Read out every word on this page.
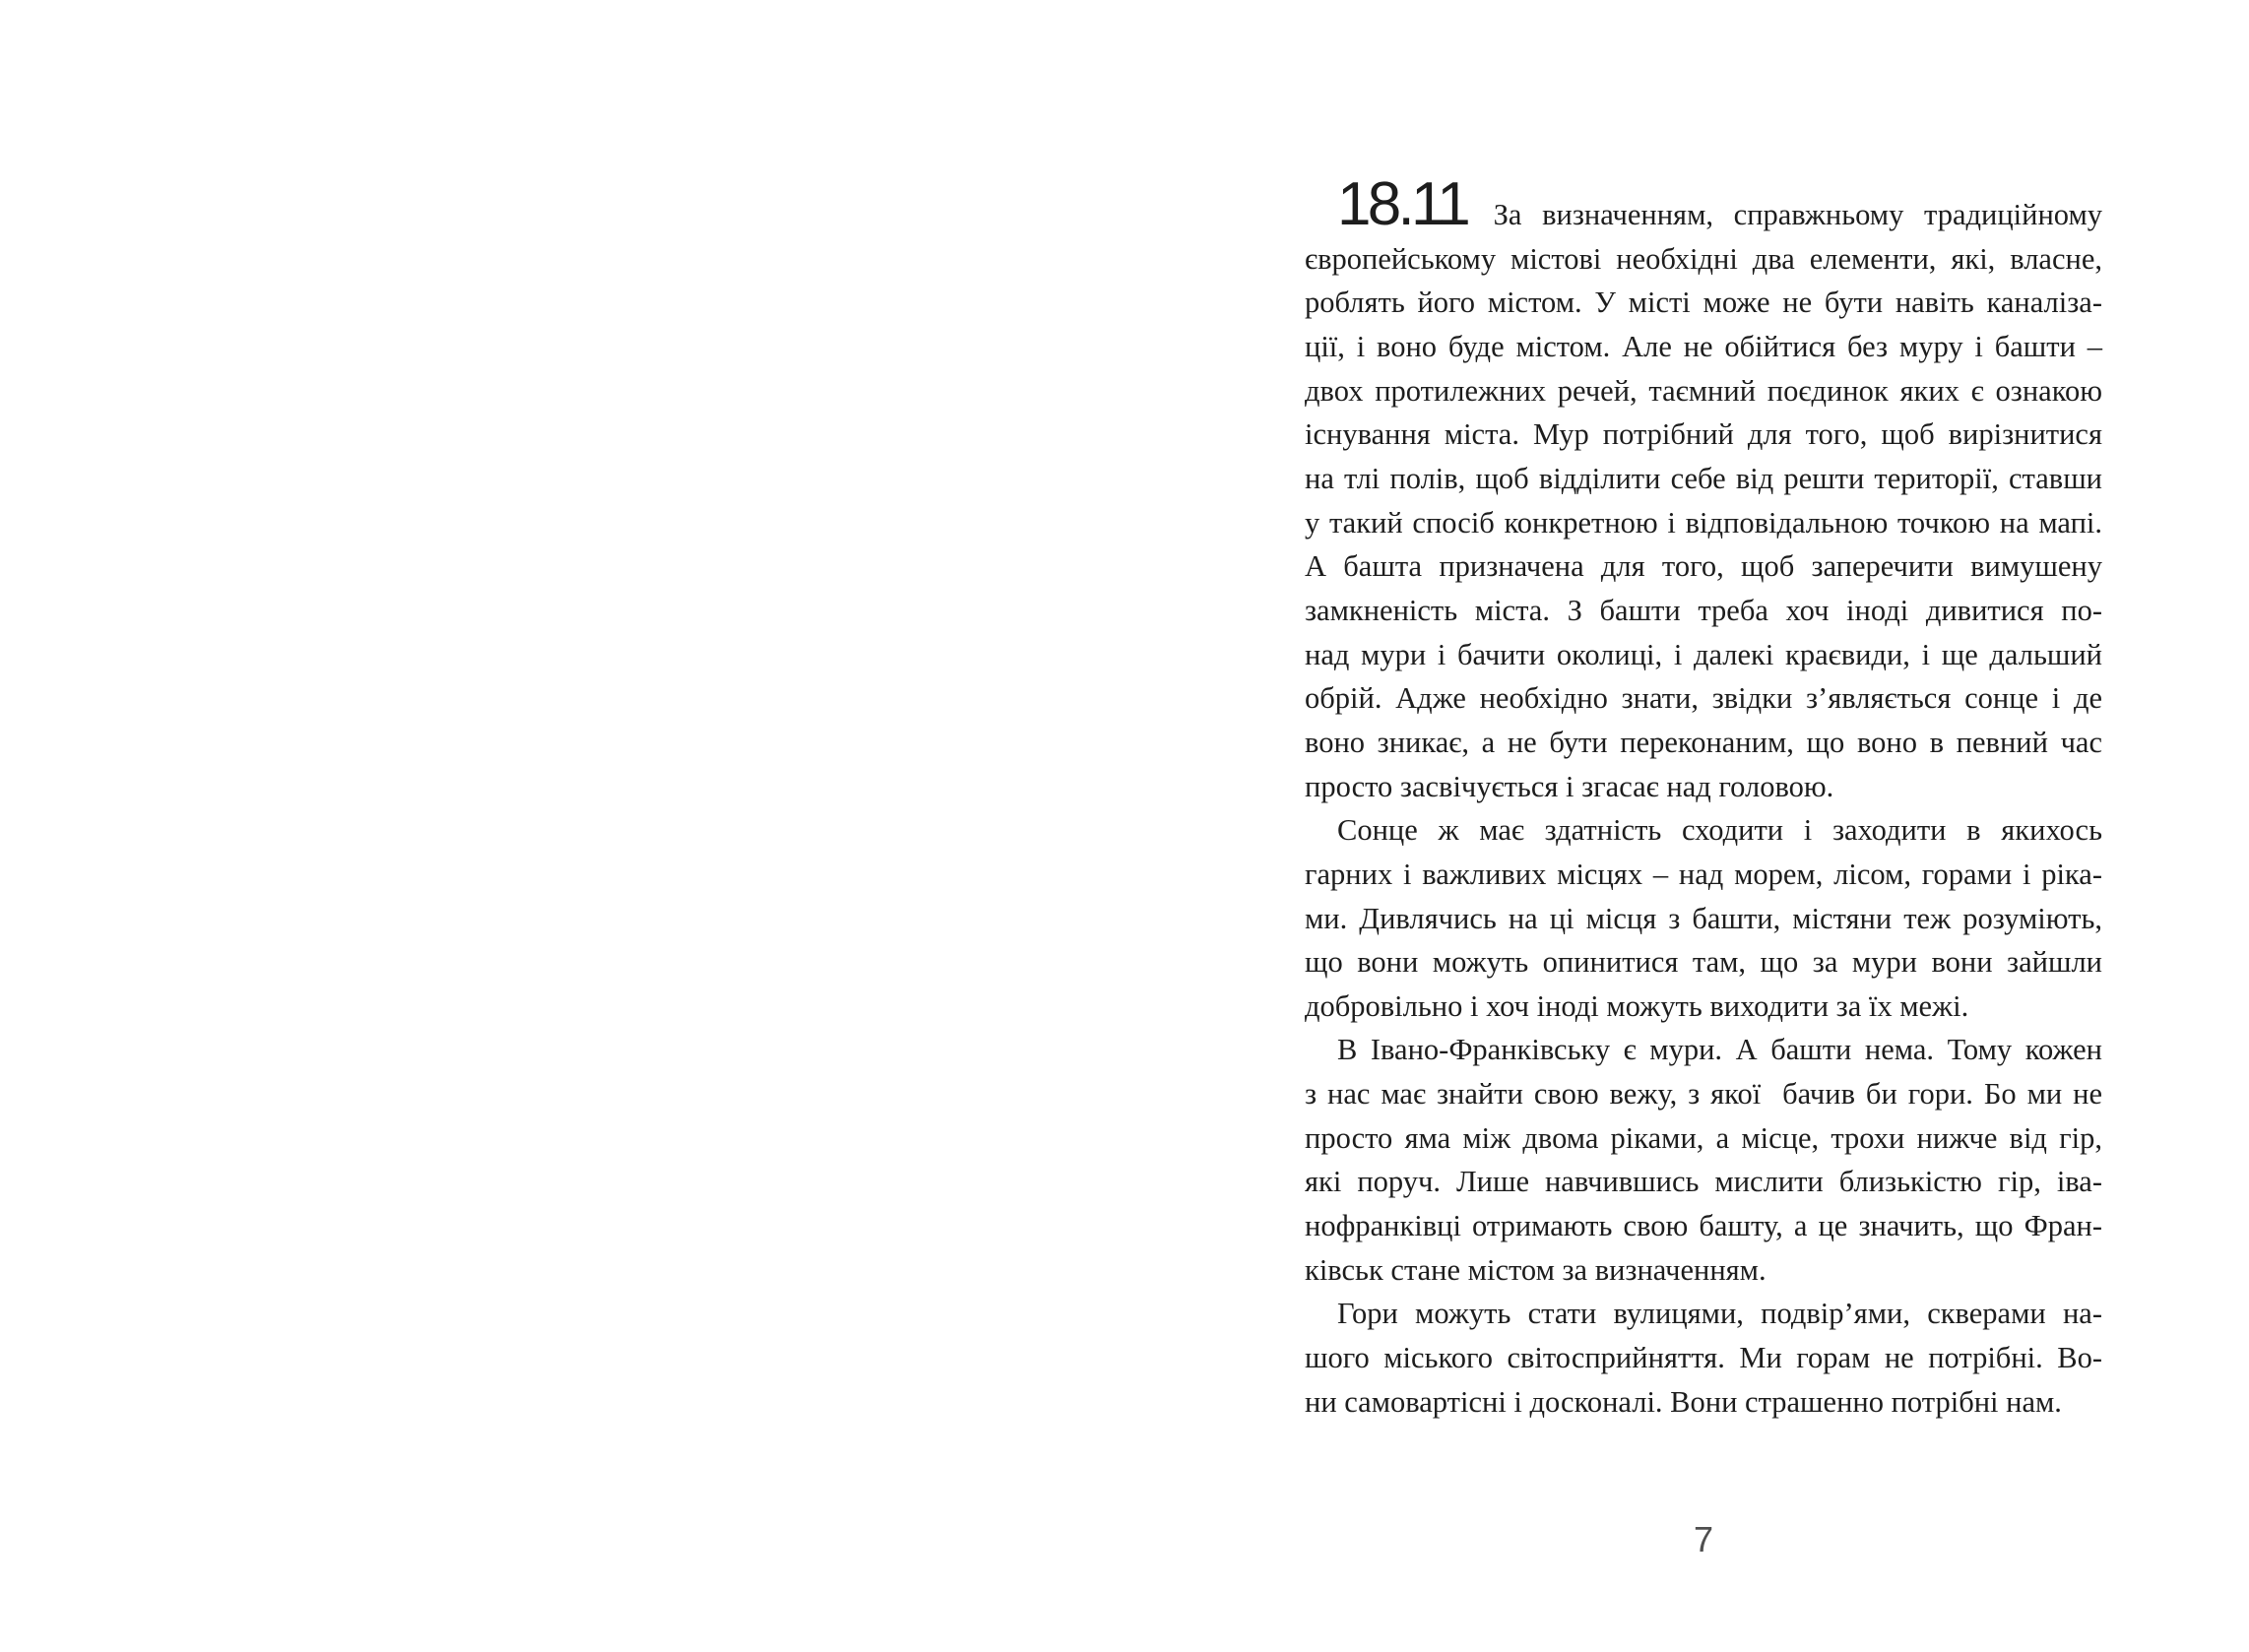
18.11 За визначенням, справжньому традиційному
європейському містові необхідні два елементи, які, власне,
роблять його містом. У місті може не бути навіть каналіза-
ції, і воно буде містом. Але не обійтися без муру і башти –
двох протилежних речей, таємний поєдинок яких є ознакою
існування міста. Мур потрібний для того, щоб вирізнитися
на тлі полів, щоб відділити себе від решти території, ставши
у такий спосіб конкретною і відповідальною точкою на мапі.
А башта призначена для того, щоб заперечити вимушену
замкненість міста. З башти треба хоч іноді дивитися по-
над мури і бачити околиці, і далекі краєвиди, і ще дальший
обрій. Адже необхідно знати, звідки з’являється сонце і де
воно зникає, а не бути переконаним, що воно в певний час
просто засвічується і згасає над головою.
Сонце ж має здатність сходити і заходити в якихось
гарних і важливих місцях – над морем, лісом, горами і ріка-
ми. Дивлячись на ці місця з башти, містяни теж розуміють,
що вони можуть опинитися там, що за мури вони зайшли
добровільно і хоч іноді можуть виходити за їх межі.
В Івано-Франківську є мури. А башти нема. Тому кожен
з нас має знайти свою вежу, з якої  бачив би гори. Бо ми не
просто яма між двома ріками, а місце, трохи нижче від гір,
які поруч. Лише навчившись мислити близькістю гір, іва-
нофранківці отримають свою башту, а це значить, що Фран-
ківськ стане містом за визначенням.
Гори можуть стати вулицями, подвір’ями, скверами на-
шого міського світосприйняття. Ми горам не потрібні. Во-
ни самовартісні і досконалі. Вони страшенно потрібні нам.
7
